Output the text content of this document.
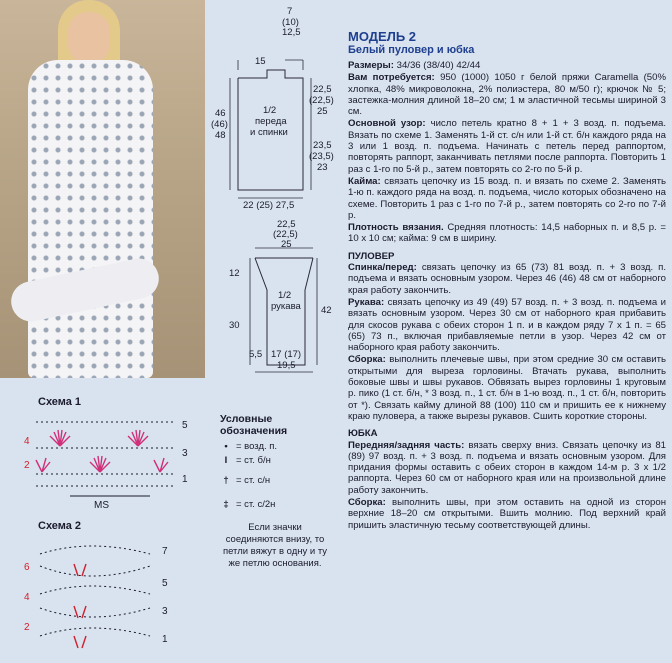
7
(10)
12,5
15
46
(46)
48
22,5
(22,5)
25
23,5
(23,5)
23
1/2
переда
и спинки
22 (25) 27,5
22,5
(22,5)
25
12
30
42
1/2
рукава
5,5 17 (17)
19,5
МОДЕЛЬ 2
Белый пуловер и юбка

Размеры: 34/36 (38/40) 42/44

Вам потребуется: 950 (1000) 1050 г белой пряжи Caramella (50% хлопка, 48% микроволокна, 2% полиэстера, 80 м/50 г); крючок № 5; застежка-молния длиной 18–20 см; 1 м эластичной тесьмы шириной 3 см.

Основной узор: число петель кратно 8 + 1 + 3 возд. п. подъема. Вязать по схеме 1. Заменять 1-й ст. с/н или 1-й ст. б/н каждого ряда на 3 или 1 возд. п. подъема. Начинать с петель перед раппортом, повторять раппорт, заканчивать петлями после раппорта. Повторить 1 раз с 1-го по 5-й р., затем повторять со 2-го по 5-й р.

Кайма: связать цепочку из 15 возд. п. и вязать по схеме 2. Заменять 1-ю п. каждого ряда на возд. п. подъема, число которых обозначено на схеме. Повторить 1 раз с 1-го по 7-й р., затем повторять со 2-го по 7-й р.

Плотность вязания. Средняя плотность: 14,5 наборных п. и 8,5 р. = 10 х 10 см; кайма: 9 см в ширину.

ПУЛОВЕР

Спинка/перед: связать цепочку из 65 (73) 81 возд. п. + 3 возд. п. подъема и вязать основным узором. Через 46 (46) 48 см от наборного края работу закончить.

Рукава: связать цепочку из 49 (49) 57 возд. п. + 3 возд. п. подъема и вязать основным узором. Через 30 см от наборного края прибавить для скосов рукава с обеих сторон 1 п. и в каждом ряду 7 х 1 п. = 65 (65) 73 п., включая прибавляемые петли в узор. Через 42 см от наборного края работу закончить.

Сборка: выполнить плечевые швы, при этом средние 30 см оставить открытыми для выреза горловины. Втачать рукава, выполнить боковые швы и швы рукавов. Обвязать вырез горловины 1 круговым р. пико (1 ст. б/н, * 3 возд. п., 1 ст. б/н в 1-ю возд. п., 1 ст. б/н, повторить от *). Связать кайму длиной 88 (100) 110 см и пришить ее к нижнему краю пуловера, а также вырезы рукавов. Сшить короткие стороны.

ЮБКА

Передняя/задняя часть: вязать сверху вниз. Связать цепочку из 81 (89) 97 возд. п. + 3 возд. п. подъема и вязать основным узором. Для придания формы оставить с обеих сторон в каждом 14-м р. 3 х 1/2 раппорта. Через 60 см от наборного края или на произвольной длине работу закончить.

Сборка: выполнить швы, при этом оставить на одной из сторон верхние 18–20 см открытыми. Вшить молнию. Под верхний край пришить эластичную тесьму соответствующей длины.

Схема 1
5
4
3
2
1
MS
Схема 2
7
6
5
4
3
2
1
Условные
обозначения
• = возд. п.
I = ст. б/н
† = ст. с/н
‡ = ст. с/2н
Если значки соединяются внизу, то петли вяжут в одну и ту же петлю основания.
